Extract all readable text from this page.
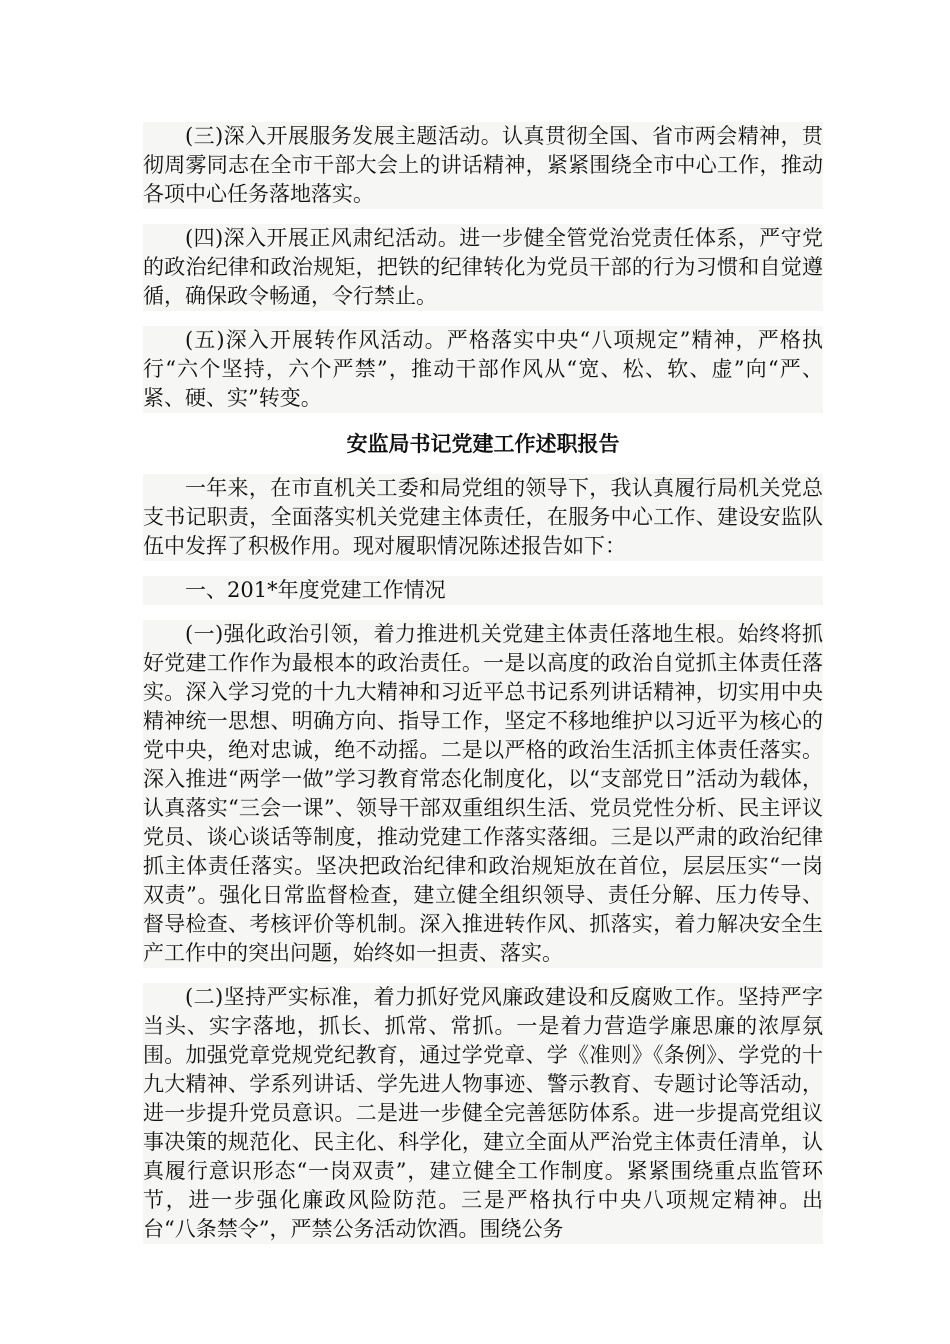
(三)深入开展服务发展主题活动。认真贯彻全国、省市两会精神，贯彻周雾同志在全市干部大会上的讲话精神，紧紧围绕全市中心工作，推动各项中心任务落地落实。

(四)深入开展正风肃纪活动。进一步健全管党治党责任体系，严守党的政治纪律和政治规矩，把铁的纪律转化为党员干部的行为习惯和自觉遵循，确保政令畅通，令行禁止。

(五)深入开展转作风活动。严格落实中央“八项规定”精神，严格执行“六个坚持，六个严禁”，推动干部作风从“宽、松、软、虚”向“严、紧、硬、实”转变。

安监局书记党建工作述职报告

一年来，在市直机关工委和局党组的领导下，我认真履行局机关党总支书记职责，全面落实机关党建主体责任，在服务中心工作、建设安监队伍中发挥了积极作用。现对履职情况陈述报告如下：

一、201*年度党建工作情况

(一)强化政治引领，着力推进机关党建主体责任落地生根。始终将抓好党建工作作为最根本的政治责任。一是以高度的政治自觉抓主体责任落实。深入学习党的十九大精神和习近平总书记系列讲话精神，切实用中央精神统一思想、明确方向、指导工作，坚定不移地维护以习近平为核心的党中央，绝对忠诚，绝不动摇。二是以严格的政治生活抓主体责任落实。深入推进“两学一做”学习教育常态化制度化，以“支部党日”活动为载体，认真落实“三会一课”、领导干部双重组织生活、党员党性分析、民主评议党员、谈心谈话等制度，推动党建工作落实落细。三是以严肃的政治纪律抓主体责任落实。坚决把政治纪律和政治规矩放在首位，层层压实“一岗双责”。强化日常监督检查，建立健全组织领导、责任分解、压力传导、督导检查、考核评价等机制。深入推进转作风、抓落实，着力解决安全生产工作中的突出问题，始终如一担责、落实。

(二)坚持严实标准，着力抓好党风廉政建设和反腐败工作。坚持严字当头、实字落地，抓长、抓常、常抓。一是着力营造学廉思廉的浓厚氛围。加强党章党规党纪教育，通过学党章、学《准则》《条例》、学党的十九大精神、学系列讲话、学先进人物事迹、警示教育、专题讨论等活动，进一步提升党员意识。二是进一步健全完善惩防体系。进一步提高党组议事决策的规范化、民主化、科学化，建立全面从严治党主体责任清单，认真履行意识形态“一岗双责”，建立健全工作制度。紧紧围绕重点监管环节，进一步强化廉政风险防范。三是严格执行中央八项规定精神。出台“八条禁令”，严禁公务活动饮酒。围绕公务
